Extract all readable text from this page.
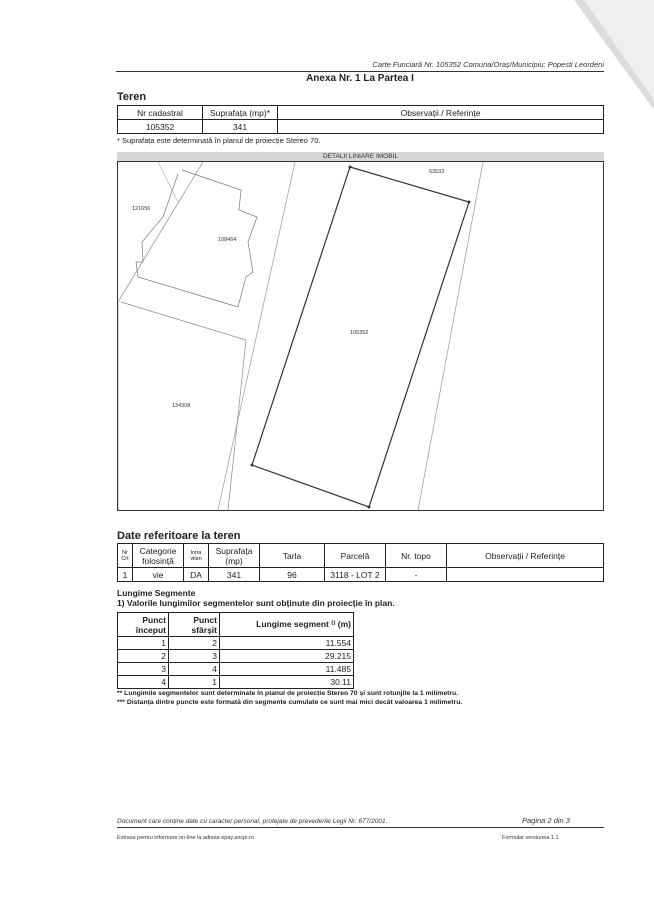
Carte Funciară Nr. 105352 Comuna/Oraș/Municipiu: Popesti Leordeni
Anexa Nr. 1 La Partea I
Teren
Nr cadastral	Suprafața (mp)*	Observații / Referințe
105352	341	
* Suprafața este determinată în planul de proiecție Stereo 70.
DETALII LINIARE IMOBIL
105352
121656
63533
108464
134308
Date referitoare la teren
Nr Crt	Categorie folosință	Intra vilan	Suprafața (mp)	Tarla	Parcelă	Nr. topo	Observații / Referințe
1	vie	DA	341	96	3118 - LOT 2	-	
Lungime Segmente
1) Valorile lungimilor segmentelor sunt obținute din proiecție în plan.
Punct început	Punct sfârșit	Lungime segment ⁽⁾ (m)
1	2	11.554
2	3	29.215
3	4	11.485
4	1	30.11
** Lungimile segmentelor sunt determinate în planul de proiecție Stereo 70 și sunt rotunjite la 1 milimetru.
*** Distanța dintre puncte este formată din segmente cumulate ce sunt mai mici decât valoarea 1 milimetru.
Document care conține date cu caracter personal, protejate de prevederile Legii Nr. 677/2001.	Pagina 2 din 3
Extrase pentru informare on-line la adresa epay.ancpi.ro	Formular versiunea 1.1
